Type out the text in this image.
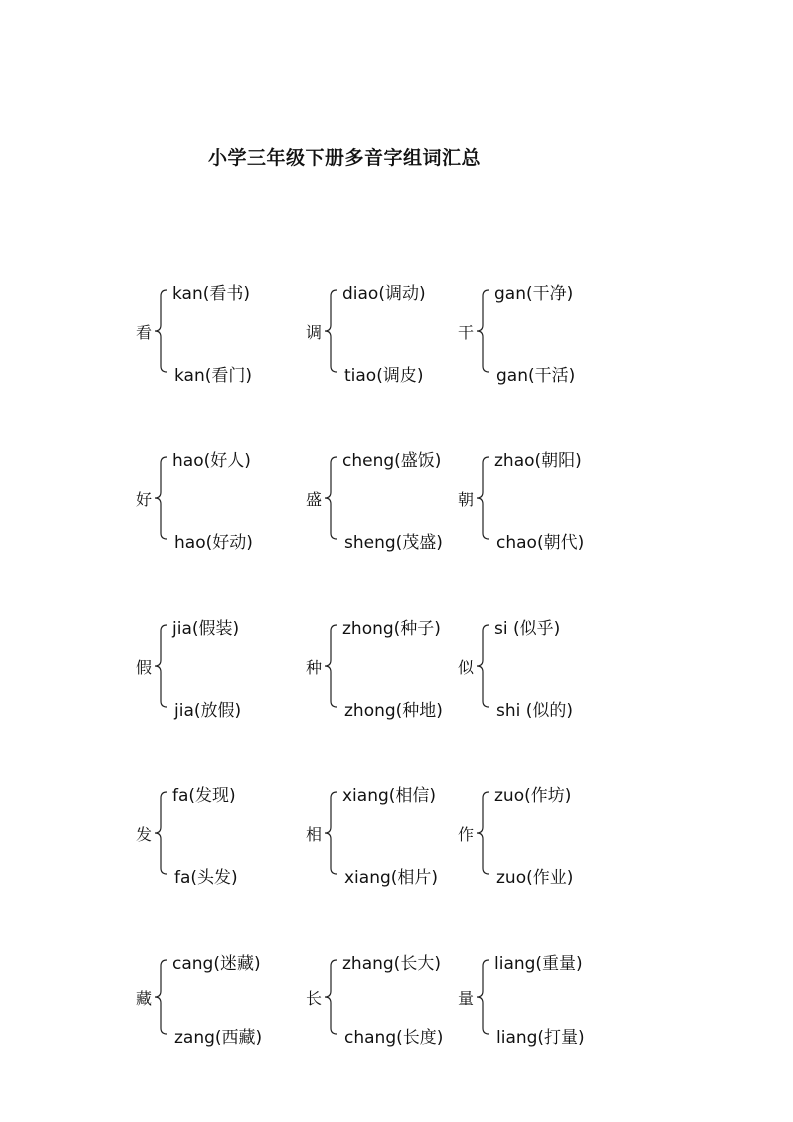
小学三年级下册多音字组词汇总
看
kan(看书)
kan(看门)
调
diao(调动)
tiao(调皮)
干
gan(干净)
gan(干活)
好
hao(好人)
hao(好动)
盛
cheng(盛饭)
sheng(茂盛)
朝
zhao(朝阳)
chao(朝代)
假
jia(假装)
jia(放假)
种
zhong(种子)
zhong(种地)
似
si (似乎)
shi (似的)
发
fa(发现)
fa(头发)
相
xiang(相信)
xiang(相片)
作
zuo(作坊)
zuo(作业)
藏
cang(迷藏)
zang(西藏)
长
zhang(长大)
chang(长度)
量
liang(重量)
liang(打量)
